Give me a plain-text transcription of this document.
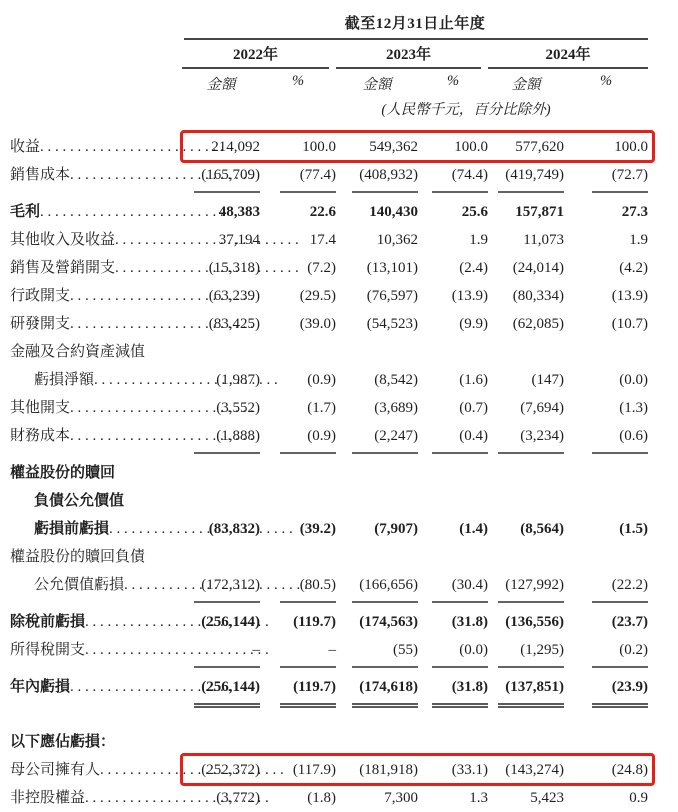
截至12月31日止年度
2022年	2023年	2024年
金額	%	金額	%	金額	%
(人民幣千元，百分比除外)
收益 . . .	214,092	100.0	549,362	100.0	577,620	100.0
銷售成本 . . .	(165,709)	(77.4)	(408,932)	(74.4)	(419,749)	(72.7)
毛利 . . .	48,383	22.6	140,430	25.6	157,871	27.3
其他收入及收益 . . .	37,194	17.4	10,362	1.9	11,073	1.9
銷售及營銷開支 . . .	(15,318)	(7.2)	(13,101)	(2.4)	(24,014)	(4.2)
行政開支 . . .	(63,239)	(29.5)	(76,597)	(13.9)	(80,334)	(13.9)
研發開支 . . .	(83,425)	(39.0)	(54,523)	(9.9)	(62,085)	(10.7)
金融及合約資產減值
虧損淨額 . . .	(1,987)	(0.9)	(8,542)	(1.6)	(147)	(0.0)
其他開支 . . .	(3,552)	(1.7)	(3,689)	(0.7)	(7,694)	(1.3)
財務成本 . . .	(1,888)	(0.9)	(2,247)	(0.4)	(3,234)	(0.6)
權益股份的贖回
負債公允價值
虧損前虧損 . . .	(83,832)	(39.2)	(7,907)	(1.4)	(8,564)	(1.5)
權益股份的贖回負債
公允價值虧損 . . .	(172,312)	(80.5)	(166,656)	(30.4)	(127,992)	(22.2)
除稅前虧損 . . .	(256,144)	(119.7)	(174,563)	(31.8)	(136,556)	(23.7)
所得稅開支 . . .	–	–	(55)	(0.0)	(1,295)	(0.2)
年內虧損 . . .	(256,144)	(119.7)	(174,618)	(31.8)	(137,851)	(23.9)
以下應佔虧損：
母公司擁有人 . . .	(252,372)	(117.9)	(181,918)	(33.1)	(143,274)	(24.8)
非控股權益 . . .	(3,772)	(1.8)	7,300	1.3	5,423	0.9
